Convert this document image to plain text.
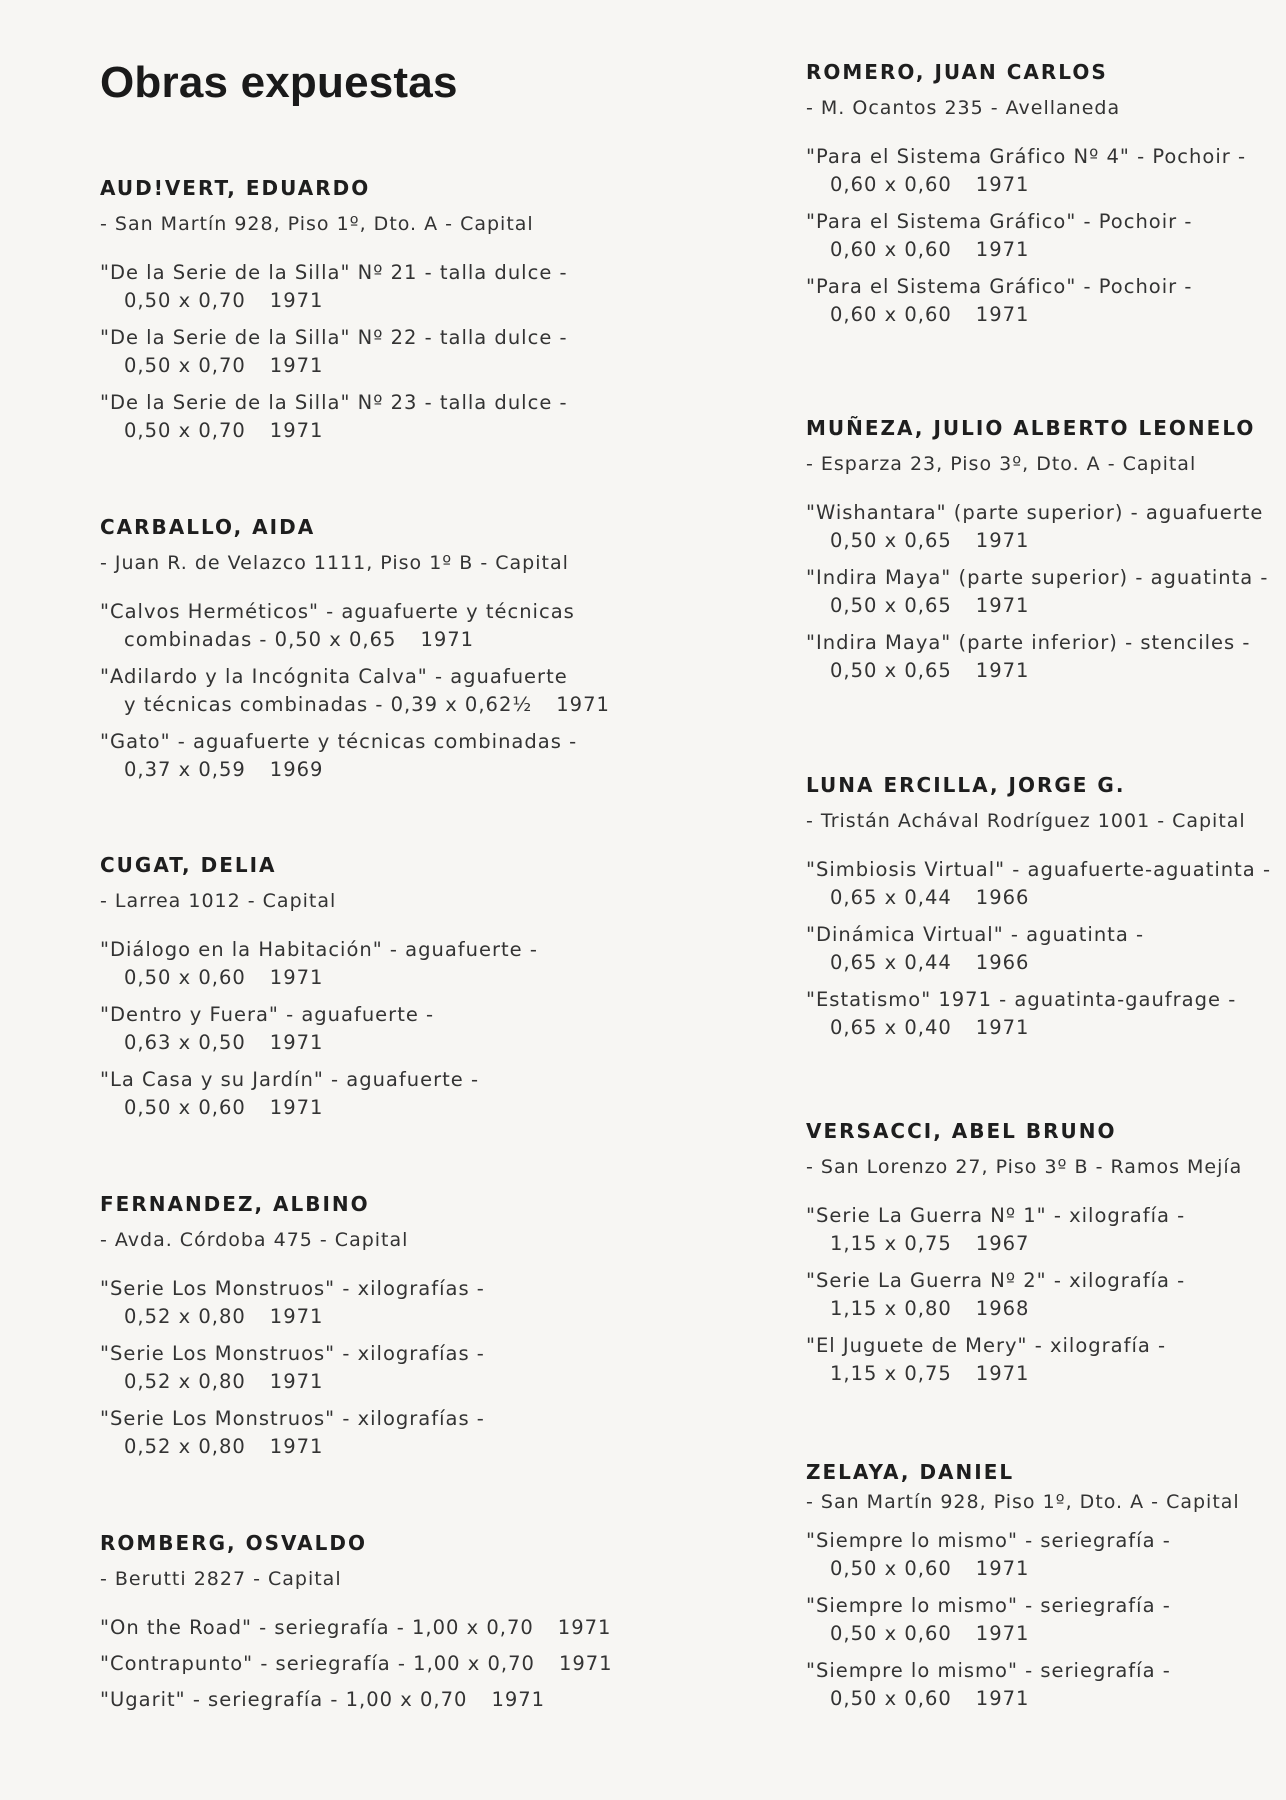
Obras expuestas
AUD!VERT, EDUARDO
- San Martín 928, Piso 1º, Dto. A - Capital
"De la Serie de la Silla" Nº 21 - talla dulce -
0,50 x 0,70 1971
"De la Serie de la Silla" Nº 22 - talla dulce -
0,50 x 0,70 1971
"De la Serie de la Silla" Nº 23 - talla dulce -
0,50 x 0,70 1971
CARBALLO, AIDA
- Juan R. de Velazco 1111, Piso 1º B - Capital
"Calvos Herméticos" - aguafuerte y técnicas
combinadas - 0,50 x 0,65 1971
"Adilardo y la Incógnita Calva" - aguafuerte
y técnicas combinadas - 0,39 x 0,62½ 1971
"Gato" - aguafuerte y técnicas combinadas -
0,37 x 0,59 1969
CUGAT, DELIA
- Larrea 1012 - Capital
"Diálogo en la Habitación" - aguafuerte -
0,50 x 0,60 1971
"Dentro y Fuera" - aguafuerte -
0,63 x 0,50 1971
"La Casa y su Jardín" - aguafuerte -
0,50 x 0,60 1971
FERNANDEZ, ALBINO
- Avda. Córdoba 475 - Capital
"Serie Los Monstruos" - xilografías -
0,52 x 0,80 1971
"Serie Los Monstruos" - xilografías -
0,52 x 0,80 1971
"Serie Los Monstruos" - xilografías -
0,52 x 0,80 1971
ROMBERG, OSVALDO
- Berutti 2827 - Capital
"On the Road" - seriegrafía - 1,00 x 0,70 1971
"Contrapunto" - seriegrafía - 1,00 x 0,70 1971
"Ugarit" - seriegrafía - 1,00 x 0,70 1971
ROMERO, JUAN CARLOS
- M. Ocantos 235 - Avellaneda
"Para el Sistema Gráfico Nº 4" - Pochoir -
0,60 x 0,60 1971
"Para el Sistema Gráfico" - Pochoir -
0,60 x 0,60 1971
"Para el Sistema Gráfico" - Pochoir -
0,60 x 0,60 1971
MUÑEZA, JULIO ALBERTO LEONELO
- Esparza 23, Piso 3º, Dto. A - Capital
"Wishantara" (parte superior) - aguafuerte
0,50 x 0,65 1971
"Indira Maya" (parte superior) - aguatinta -
0,50 x 0,65 1971
"Indira Maya" (parte inferior) - stenciles -
0,50 x 0,65 1971
LUNA ERCILLA, JORGE G.
- Tristán Achával Rodríguez 1001 - Capital
"Simbiosis Virtual" - aguafuerte-aguatinta -
0,65 x 0,44 1966
"Dinámica Virtual" - aguatinta -
0,65 x 0,44 1966
"Estatismo" 1971 - aguatinta-gaufrage -
0,65 x 0,40 1971
VERSACCI, ABEL BRUNO
- San Lorenzo 27, Piso 3º B - Ramos Mejía
"Serie La Guerra Nº 1" - xilografía -
1,15 x 0,75 1967
"Serie La Guerra Nº 2" - xilografía -
1,15 x 0,80 1968
"El Juguete de Mery" - xilografía -
1,15 x 0,75 1971
ZELAYA, DANIEL
- San Martín 928, Piso 1º, Dto. A - Capital
"Siempre lo mismo" - seriegrafía -
0,50 x 0,60 1971
"Siempre lo mismo" - seriegrafía -
0,50 x 0,60 1971
"Siempre lo mismo" - seriegrafía -
0,50 x 0,60 1971
